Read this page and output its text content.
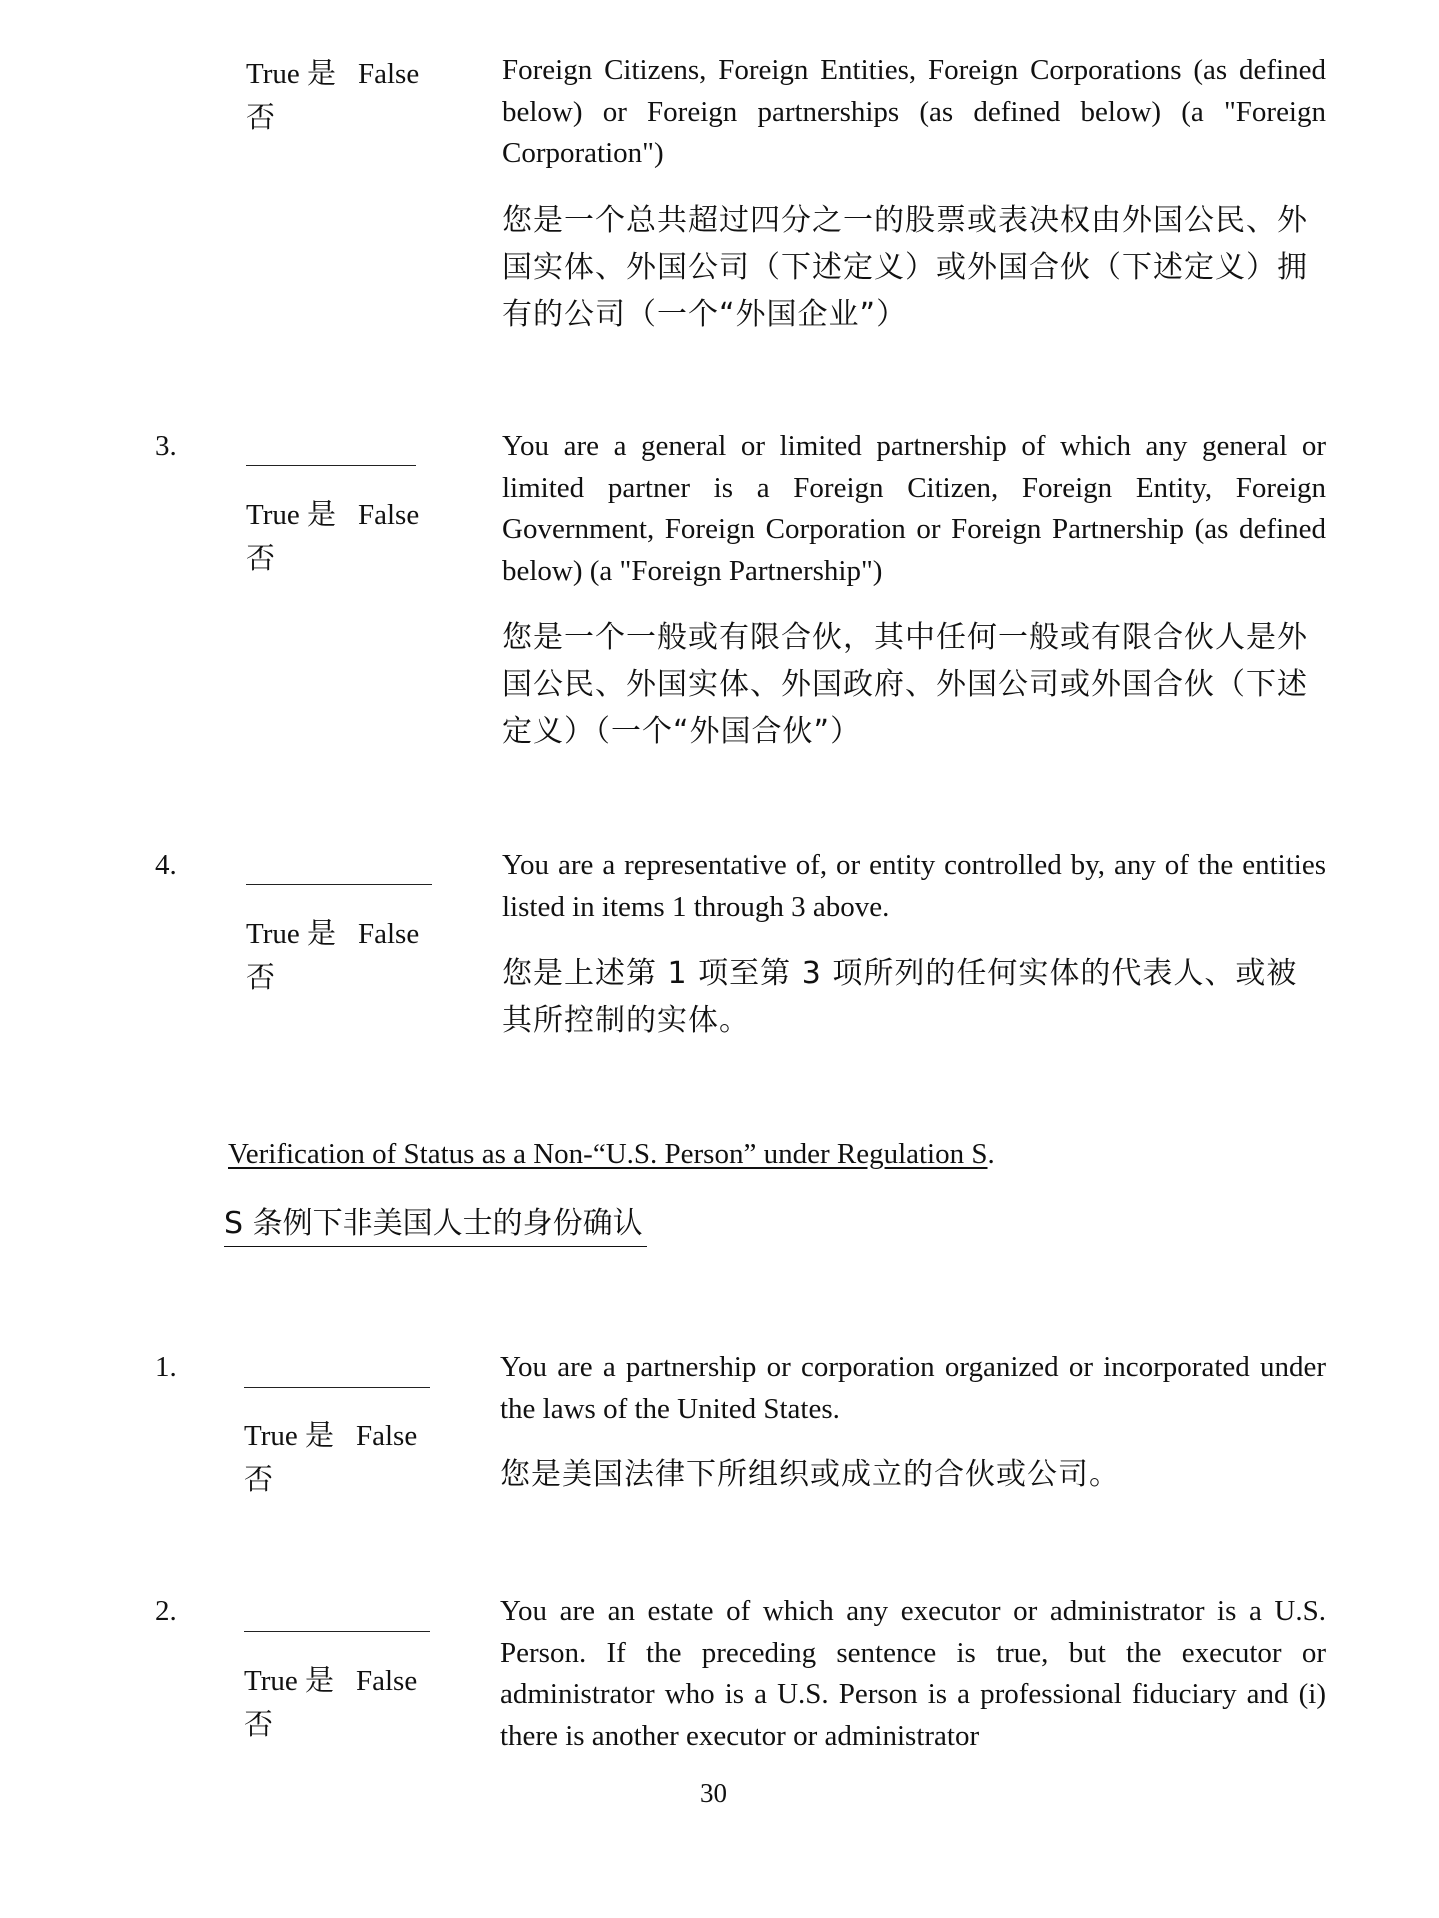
True 是 False
否
Foreign Citizens, Foreign Entities, Foreign Corporations (as defined below) or Foreign partnerships (as defined below) (a "Foreign Corporation")
您是一个总共超过四分之一的股票或表决权由外国公民、外国实体、外国公司（下述定义）或外国合伙（下述定义）拥有的公司（一个“外国企业”）
3.
True 是 False
否
You are a general or limited partnership of which any general or limited partner is a Foreign Citizen, Foreign Entity, Foreign Government, Foreign Corporation or Foreign Partnership (as defined below) (a "Foreign Partnership")
您是一个一般或有限合伙，其中任何一般或有限合伙人是外国公民、外国实体、外国政府、外国公司或外国合伙（下述定义）（一个“外国合伙”）
4.
True 是 False
否
You are a representative of, or entity controlled by, any of the entities listed in items 1 through 3 above.
您是上述第 1 项至第 3 项所列的任何实体的代表人、或被其所控制的实体。
Verification of Status as a Non-“U.S. Person” under Regulation S.
S 条例下非美国人士的身份确认
1.
True 是 False
否
You are a partnership or corporation organized or incorporated under the laws of the United States.
您是美国法律下所组织或成立的合伙或公司。
2.
True 是 False
否
You are an estate of which any executor or administrator is a U.S. Person. If the preceding sentence is true, but the executor or administrator who is a U.S. Person is a professional fiduciary and (i) there is another executor or administrator
30
